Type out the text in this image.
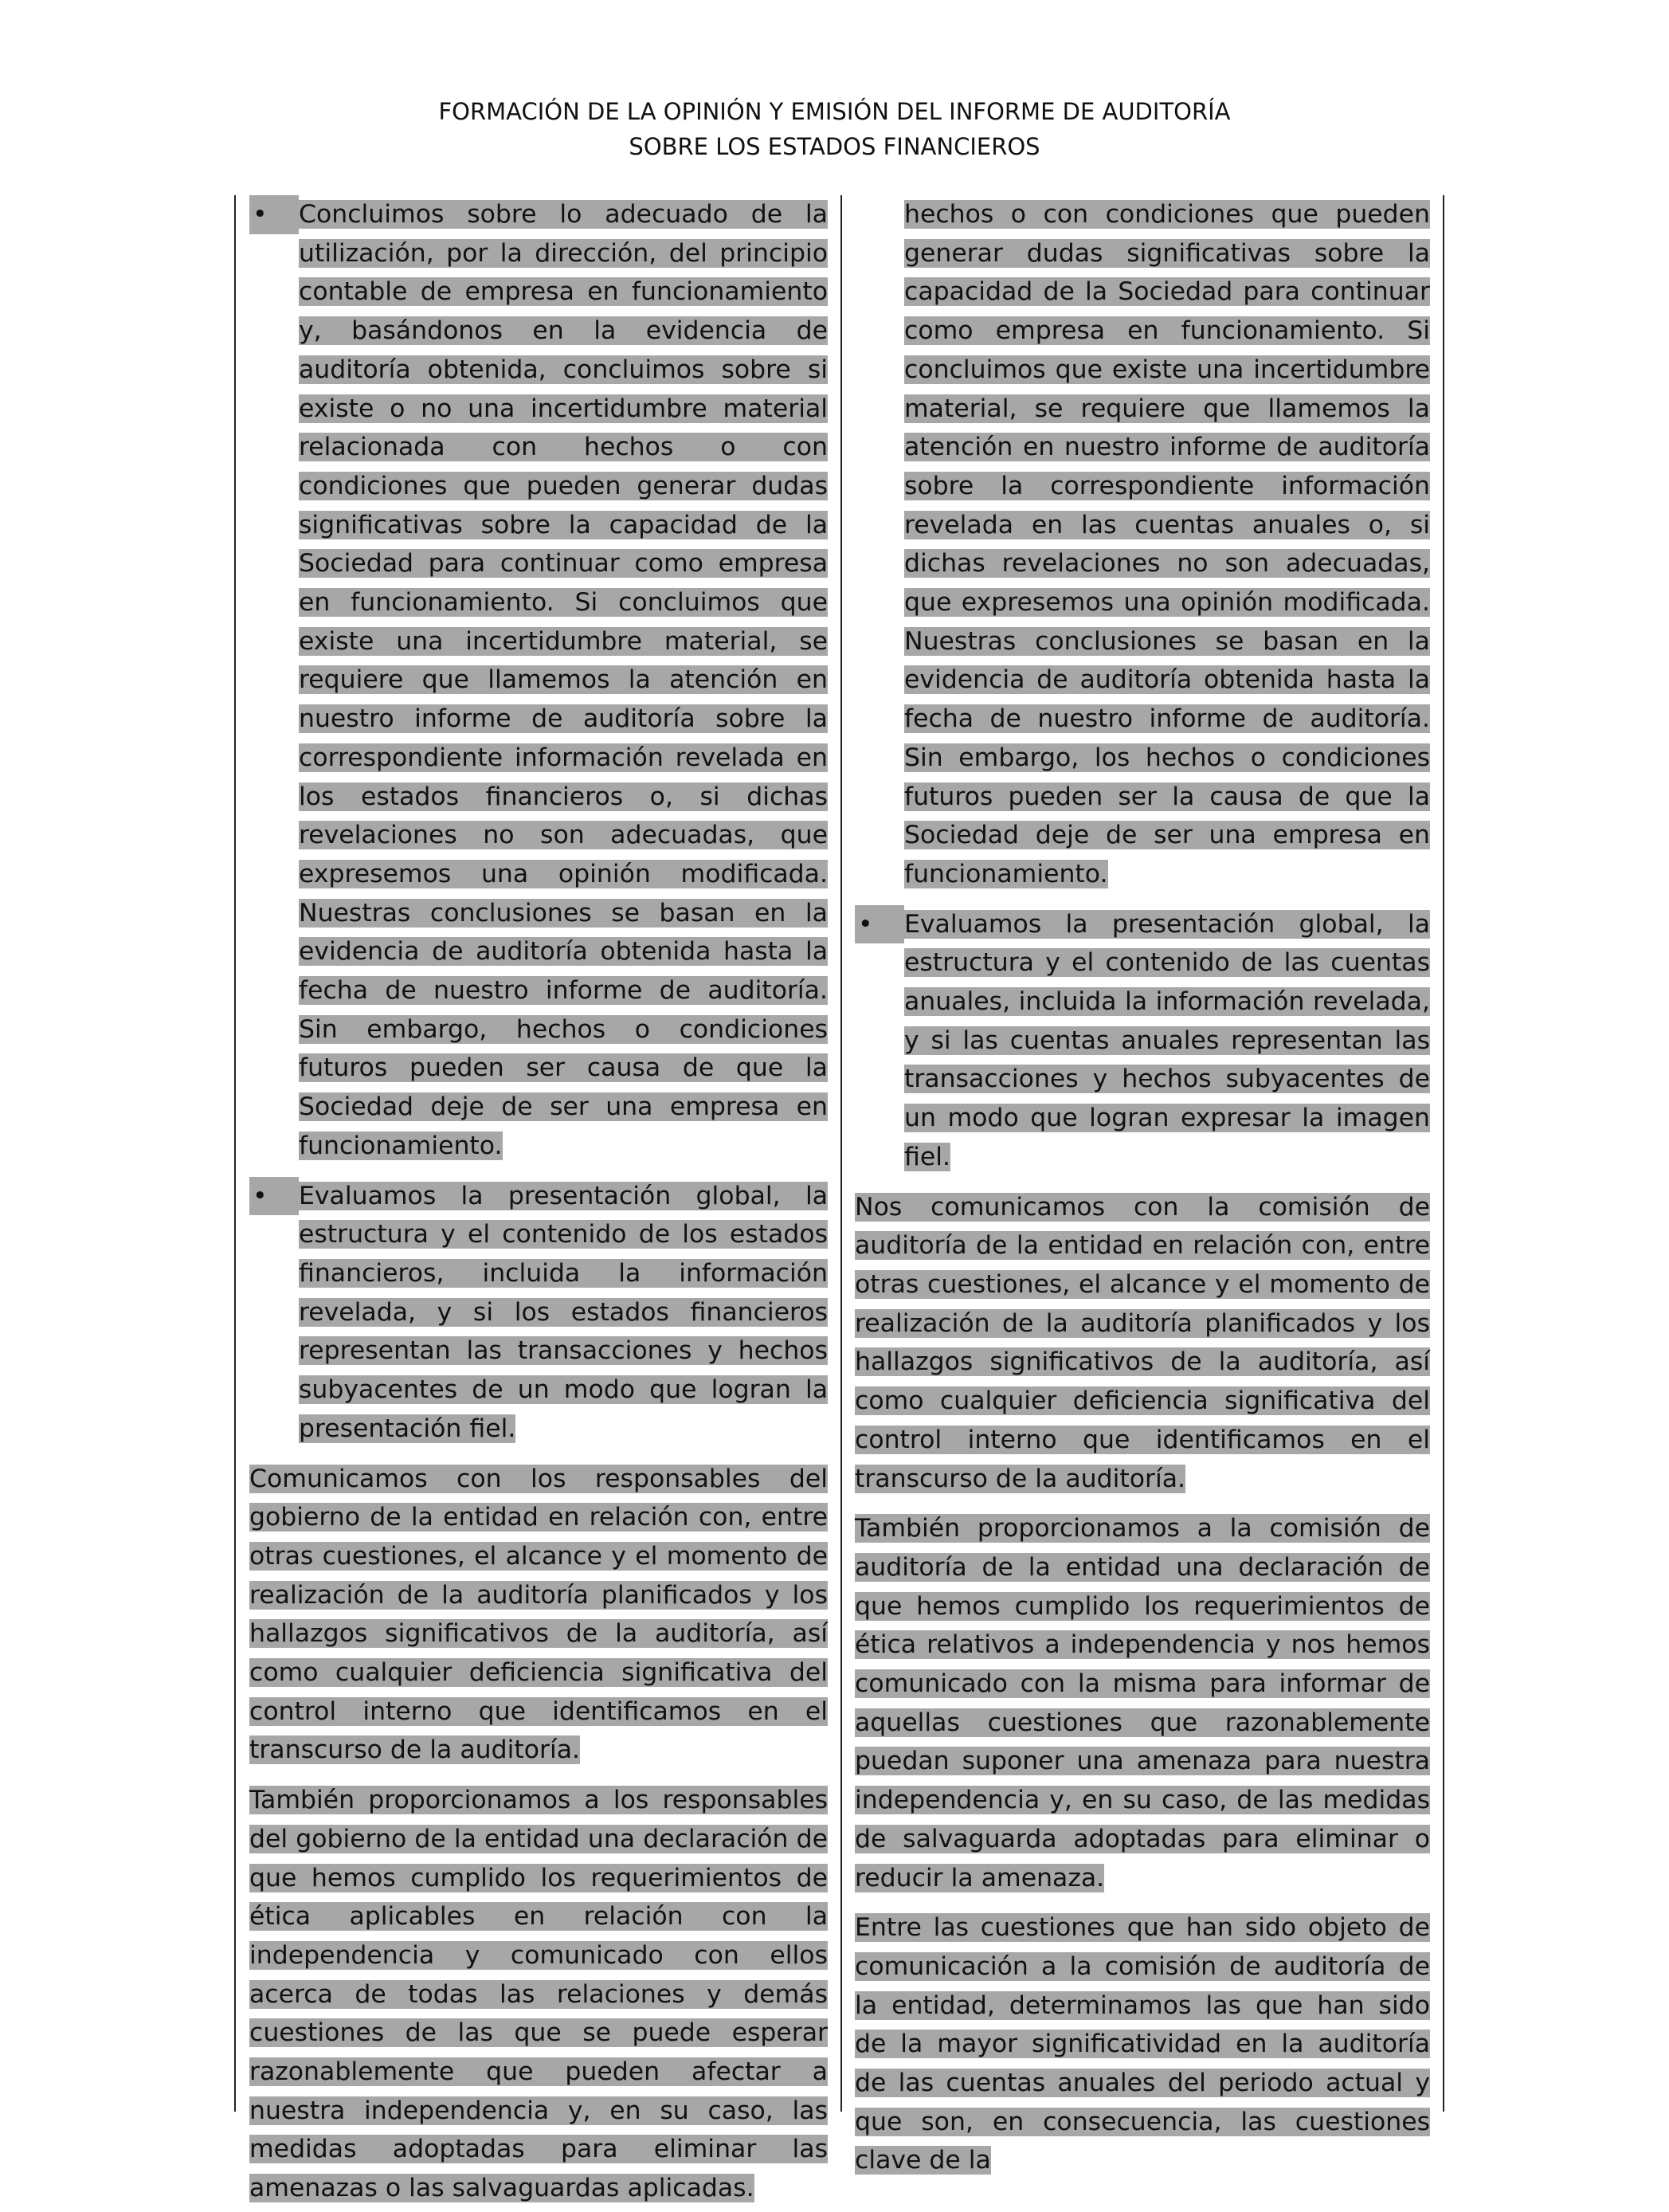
FORMACIÓN DE LA OPINIÓN Y EMISIÓN DEL INFORME DE AUDITORÍA
SOBRE LOS ESTADOS FINANCIEROS
•	Concluimos sobre lo adecuado de la utilización, por la dirección, del principio contable de empresa en funcionamiento y, basándonos en la evidencia de auditoría obtenida, concluimos sobre si existe o no una incertidumbre material relacionada con hechos o con condiciones que pueden generar dudas significativas sobre la capacidad de la Sociedad para continuar como empresa en funcionamiento. Si concluimos que existe una incertidumbre material, se requiere que llamemos la atención en nuestro informe de auditoría sobre la correspondiente información revelada en los estados financieros o, si dichas revelaciones no son adecuadas, que expresemos una opinión modificada. Nuestras conclusiones se basan en la evidencia de auditoría obtenida hasta la fecha de nuestro informe de auditoría. Sin embargo, hechos o condiciones futuros pueden ser causa de que la Sociedad deje de ser una empresa en funcionamiento.
•	Evaluamos la presentación global, la estructura y el contenido de los estados financieros, incluida la información revelada, y si los estados financieros representan las transacciones y hechos subyacentes de un modo que logran la presentación fiel.
Comunicamos con los responsables del gobierno de la entidad en relación con, entre otras cuestiones, el alcance y el momento de realización de la auditoría planificados y los hallazgos significativos de la auditoría, así como cualquier deficiencia significativa del control interno que identificamos en el transcurso de la auditoría.
También proporcionamos a los responsables del gobierno de la entidad una declaración de que hemos cumplido los requerimientos de ética aplicables en relación con la independencia y comunicado con ellos acerca de todas las relaciones y demás cuestiones de las que se puede esperar razonablemente que pueden afectar a nuestra independencia y, en su caso, las medidas adoptadas para eliminar las amenazas o las salvaguardas aplicadas.
hechos o con condiciones que pueden generar dudas significativas sobre la capacidad de la Sociedad para continuar como empresa en funcionamiento. Si concluimos que existe una incertidumbre material, se requiere que llamemos la atención en nuestro informe de auditoría sobre la correspondiente información revelada en las cuentas anuales o, si dichas revelaciones no son adecuadas, que expresemos una opinión modificada. Nuestras conclusiones se basan en la evidencia de auditoría obtenida hasta la fecha de nuestro informe de auditoría. Sin embargo, los hechos o condiciones futuros pueden ser la causa de que la Sociedad deje de ser una empresa en funcionamiento.
•	Evaluamos la presentación global, la estructura y el contenido de las cuentas anuales, incluida la información revelada, y si las cuentas anuales representan las transacciones y hechos subyacentes de un modo que logran expresar la imagen fiel.
Nos comunicamos con la comisión de auditoría de la entidad en relación con, entre otras cuestiones, el alcance y el momento de realización de la auditoría planificados y los hallazgos significativos de la auditoría, así como cualquier deficiencia significativa del control interno que identificamos en el transcurso de la auditoría.
También proporcionamos a la comisión de auditoría de la entidad una declaración de que hemos cumplido los requerimientos de ética relativos a independencia y nos hemos comunicado con la misma para informar de aquellas cuestiones que razonablemente puedan suponer una amenaza para nuestra independencia y, en su caso, de las medidas de salvaguarda adoptadas para eliminar o reducir la amenaza.
Entre las cuestiones que han sido objeto de comunicación a la comisión de auditoría de la entidad, determinamos las que han sido de la mayor significatividad en la auditoría de las cuentas anuales del periodo actual y que son, en consecuencia, las cuestiones clave de la
